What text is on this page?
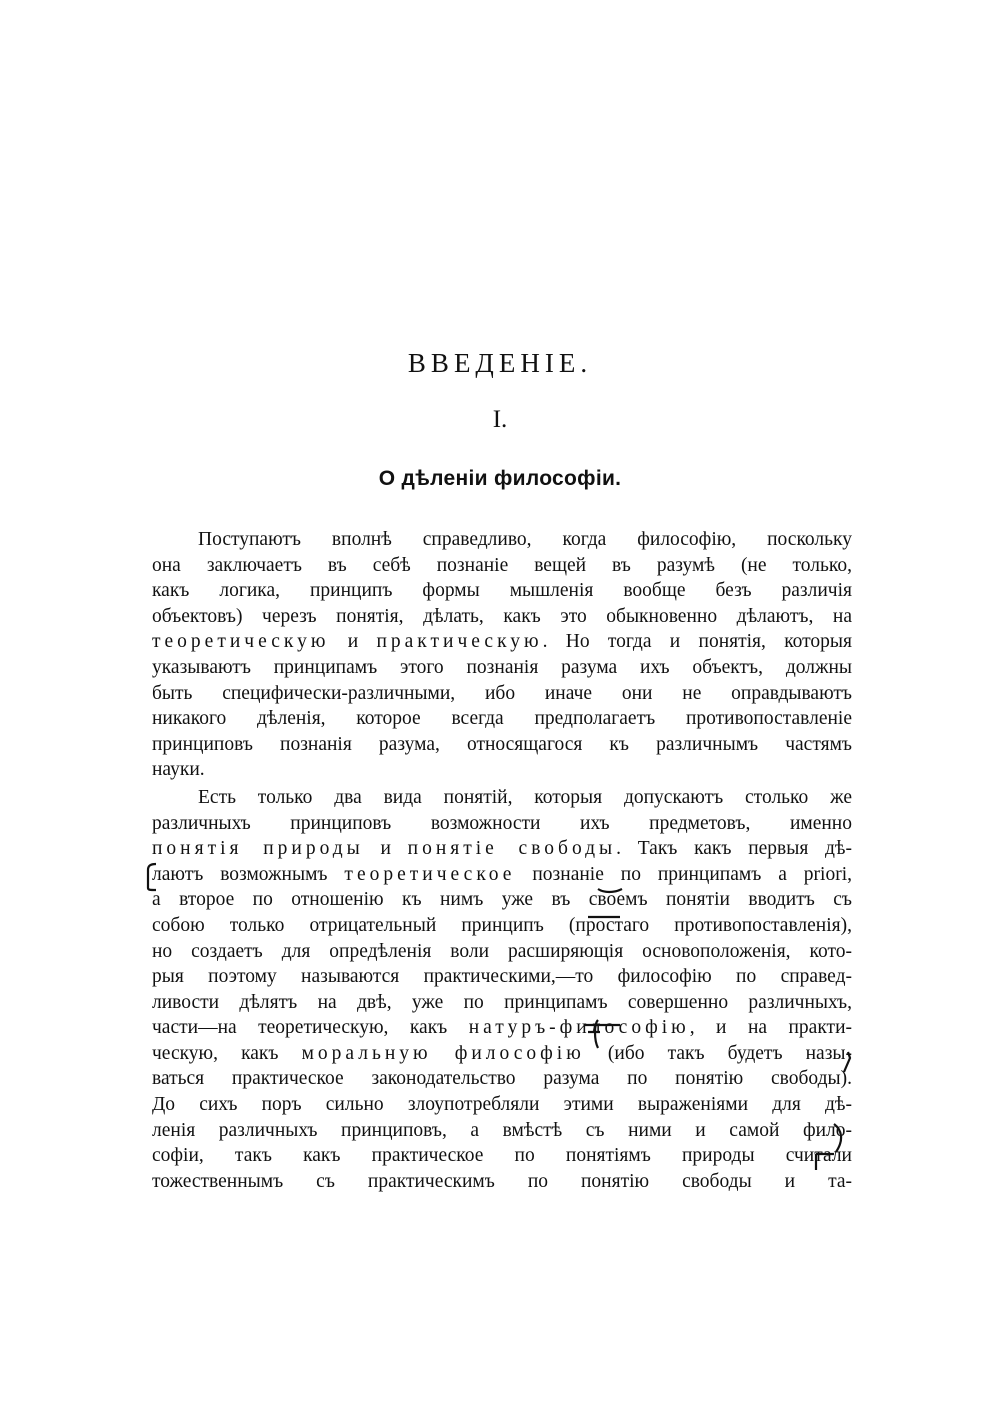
ВВЕДЕНІЕ.
I.
О дѣленіи философіи.
Поступаютъ вполнѣ справедливо, когда философію, поскольку
она заключаетъ въ себѣ познаніе вещей въ разумѣ (не только,
какъ логика, принципъ формы мышленія вообще безъ различія
объектовъ) черезъ понятія, дѣлать, какъ это обыкновенно дѣлаютъ, на
теоретическую и практическую. Но тогда и понятія, которыя
указываютъ принципамъ этого познанія разума ихъ объектъ, должны
быть специфически-различными, ибо иначе они не оправдываютъ
никакого дѣленія, которое всегда предполагаетъ противопоставленіе
принциповъ познанія разума, относящагося къ различнымъ частямъ
науки.
Есть только два вида понятій, которыя допускаютъ столько же
различныхъ принциповъ возможности ихъ предметовъ, именно
понятія природы и понятіе свободы. Такъ какъ первыя дѣ-
лаютъ возможнымъ теоретическое познаніе по принципамъ a priori,
а второе по отношенію къ нимъ уже въ своемъ понятіи вводитъ съ
собою только отрицательный принципъ (простаго противопоставленія),
но создаетъ для опредѣленія воли расширяющія основоположенія, кото-
рыя поэтому называются практическими,—то философію по справед-
ливости дѣлятъ на двѣ, уже по принципамъ совершенно различныхъ,
части—на теоретическую, какъ натуръ-философію, и на практи-
ческую, какъ моральную философію (ибо такъ будетъ назы-
ваться практическое законодательство разума по понятію свободы).
До сихъ поръ сильно злоупотребляли этими выраженіями для дѣ-
ленія различныхъ принциповъ, а вмѣстѣ съ ними и самой фило-
софіи, такъ какъ практическое по понятіямъ природы считали
тожественнымъ съ практическимъ по понятію свободы и та-
